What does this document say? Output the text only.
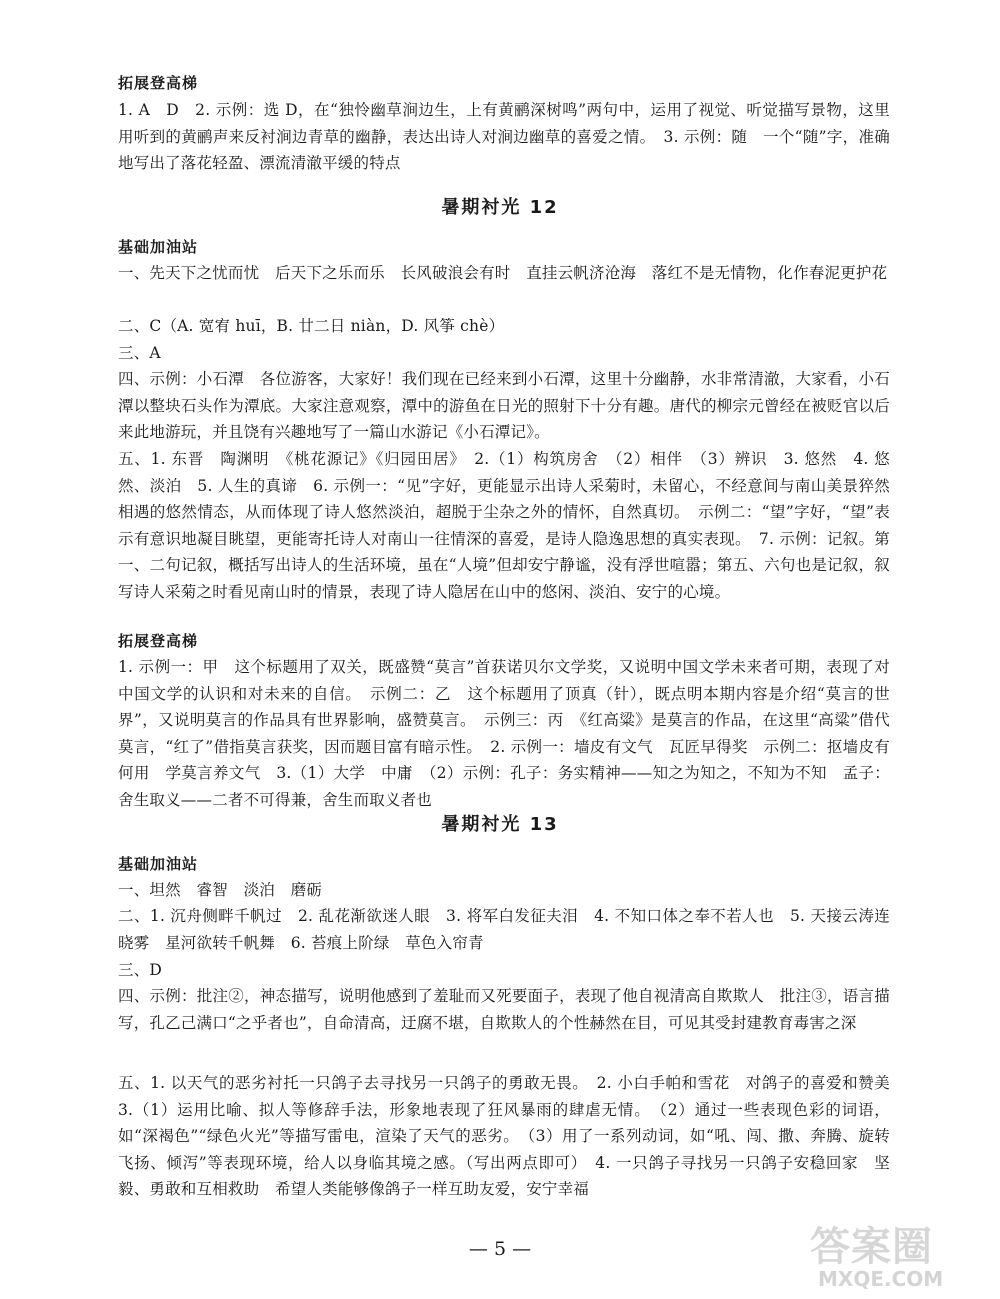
拓展登高梯
1. A　D　2. 示例：选 D，在“独怜幽草涧边生，上有黄鹂深树鸣”两句中，运用了视觉、听觉描写景物，这里用听到的黄鹂声来反衬涧边青草的幽静，表达出诗人对涧边幽草的喜爱之情。　3. 示例：随　一个“随”字，准确地写出了落花轻盈、漂流清澈平缓的特点
暑期衬光 12
基础加油站
一、先天下之忧而忧　后天下之乐而乐　长风破浪会有时　直挂云帆济沧海　落红不是无情物，化作春泥更护花
二、C（A. 宽宥 huī，B. 廿二日 niàn，D. 风筝 chè）
三、A
四、示例：小石潭　各位游客，大家好！我们现在已经来到小石潭，这里十分幽静，水非常清澈，大家看，小石潭以整块石头作为潭底。大家注意观察，潭中的游鱼在日光的照射下十分有趣。唐代的柳宗元曾经在被贬官以后来此地游玩，并且饶有兴趣地写了一篇山水游记《小石潭记》。
五、1. 东晋　陶渊明　《桃花源记》《归园田居》　2.（1）构筑房舍　（2）相伴　（3）辨识　3. 悠然　4. 悠然、淡泊　5. 人生的真谛　6. 示例一：“见”字好，更能显示出诗人采菊时，未留心，不经意间与南山美景猝然相遇的悠然情态，从而体现了诗人悠然淡泊，超脱于尘杂之外的情怀，自然真切。　示例二：“望”字好，“望”表示有意识地凝目眺望，更能寄托诗人对南山一往情深的喜爱，是诗人隐逸思想的真实表现。　7. 示例：记叙。第一、二句记叙，概括写出诗人的生活环境，虽在“人境”但却安宁静谧，没有浮世喧嚣；第五、六句也是记叙，叙写诗人采菊之时看见南山时的情景，表现了诗人隐居在山中的悠闲、淡泊、安宁的心境。
拓展登高梯
1. 示例一：甲　这个标题用了双关，既盛赞“莫言”首获诺贝尔文学奖，又说明中国文学未来者可期，表现了对中国文学的认识和对未来的自信。　示例二：乙　这个标题用了顶真（针），既点明本期内容是介绍“莫言的世界”，又说明莫言的作品具有世界影响，盛赞莫言。　示例三：丙　《红高粱》是莫言的作品，在这里“高粱”借代莫言，“红了”借指莫言获奖，因而题目富有暗示性。　2. 示例一：墙皮有文气　瓦匠早得奖　示例二：抠墙皮有何用　学莫言养文气　3.（1）大学　中庸　（2）示例：孔子：务实精神——知之为知之，不知为不知　孟子：舍生取义——二者不可得兼，舍生而取义者也
暑期衬光 13
基础加油站
一、坦然　睿智　淡泊　磨砺
二、1. 沉舟侧畔千帆过　2. 乱花渐欲迷人眼　3. 将军白发征夫泪　4. 不知口体之奉不若人也　5. 天接云涛连晓雾　星河欲转千帆舞　6. 苔痕上阶绿　草色入帘青
三、D
四、示例：批注②，神态描写，说明他感到了羞耻而又死要面子，表现了他自视清高自欺欺人　批注③，语言描写，孔乙己满口“之乎者也”，自命清高，迂腐不堪，自欺欺人的个性赫然在目，可见其受封建教育毒害之深
五、1. 以天气的恶劣衬托一只鸽子去寻找另一只鸽子的勇敢无畏。　2. 小白手帕和雪花　对鸽子的喜爱和赞美　3.（1）运用比喻、拟人等修辞手法，形象地表现了狂风暴雨的肆虐无情。　（2）通过一些表现色彩的词语，如“深褐色”“绿色火光”等描写雷电，渲染了天气的恶劣。　（3）用了一系列动词，如“吼、闯、撒、奔腾、旋转飞扬、倾泻”等表现环境，给人以身临其境之感。（写出两点即可）　4. 一只鸽子寻找另一只鸽子安稳回家　坚毅、勇敢和互相救助　希望人类能够像鸽子一样互助友爱，安宁幸福
— 5 —	答案圈
MXQE.COM
